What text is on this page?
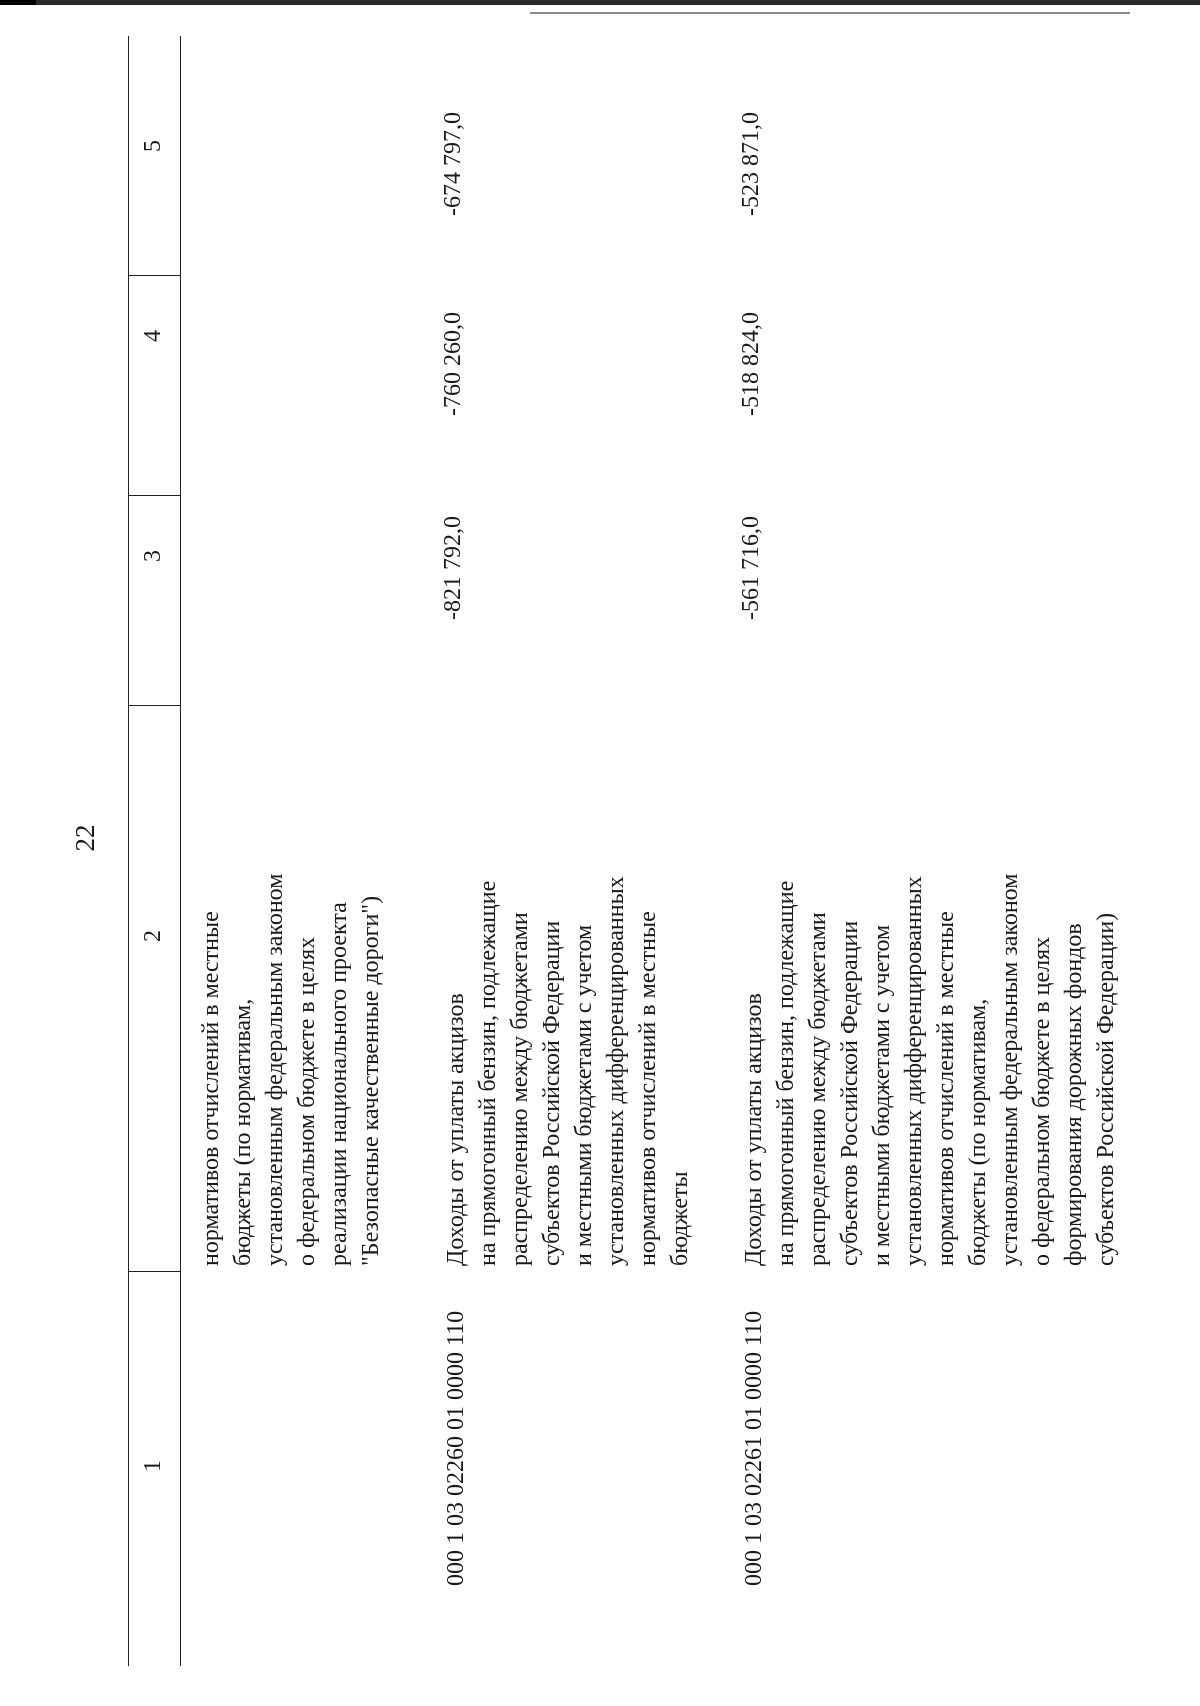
22
1
2
3
4
5
нормативов отчислений в местные бюджеты (по нормативам, установленным федеральным законом о федеральном бюджете в целях реализации национального проекта "Безопасные качественные дороги")
000 1 03 02260 01 0000 110
Доходы от уплаты акцизов на прямогонный бензин, подлежащие распределению между бюджетами субъектов Российской Федерации и местными бюджетами с учетом установленных дифференцированных нормативов отчислений в местные бюджеты
-821 792,0
-760 260,0
-674 797,0
000 1 03 02261 01 0000 110
Доходы от уплаты акцизов на прямогонный бензин, подлежащие распределению между бюджетами субъектов Российской Федерации и местными бюджетами с учетом установленных дифференцированных нормативов отчислений в местные бюджеты (по нормативам, установленным федеральным законом о федеральном бюджете в целях формирования дорожных фондов субъектов Российской Федерации)
-561 716,0
-518 824,0
-523 871,0
